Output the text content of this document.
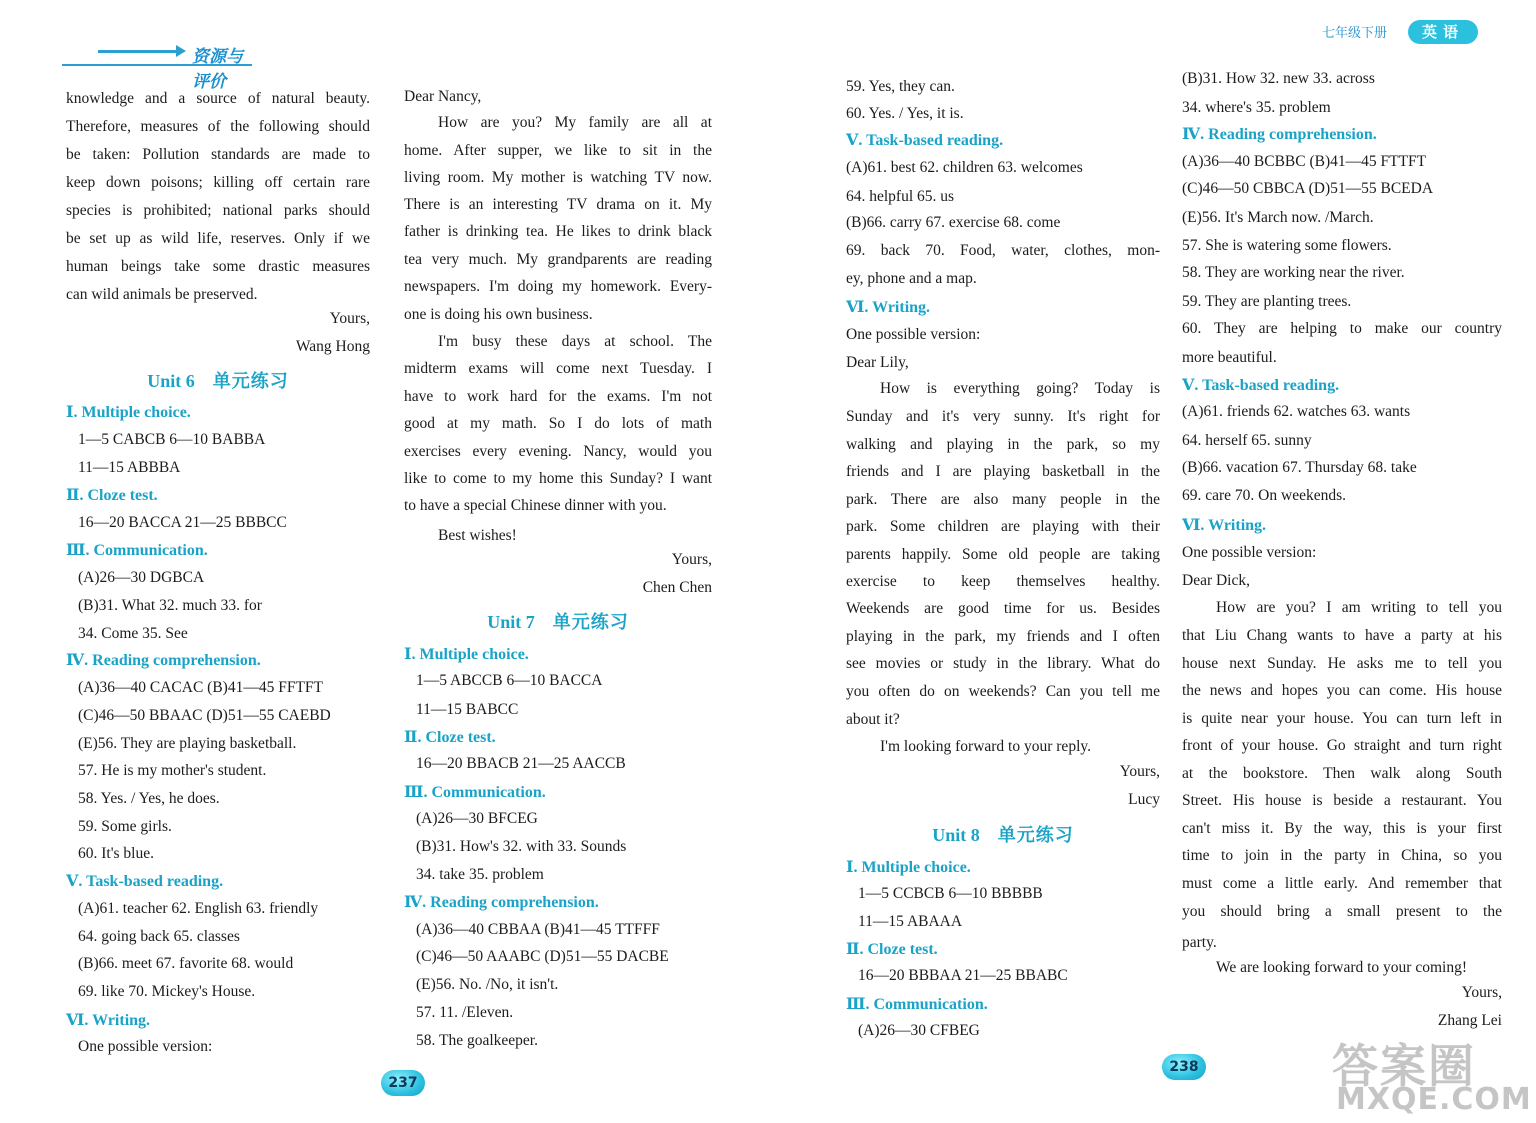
资源与评价
七年级下册	英语
knowledge and a source of natural beauty.
Therefore, measures of the following should
be taken: Pollution standards are made to
keep down poisons; killing off certain rare
species is prohibited; national parks should
be set up as wild life, reserves. Only if we
human beings take some drastic measures
can wild animals be preserved.
Yours,
Wang Hong
Unit 6 单元练习
Ⅰ. Multiple choice.
1—5 CABCB 6—10 BABBA
11—15 ABBBA
Ⅱ. Cloze test.
16—20 BACCA 21—25 BBBCC
Ⅲ. Communication.
(A)26—30 DGBCA
(B)31. What 32. much 33. for
34. Come 35. See
Ⅳ. Reading comprehension.
(A)36—40 CACAC (B)41—45 FFTFT
(C)46—50 BBAAC (D)51—55 CAEBD
(E)56. They are playing basketball.
57. He is my mother's student.
58. Yes. / Yes, he does.
59. Some girls.
60. It's blue.
Ⅴ. Task-based reading.
(A)61. teacher 62. English 63. friendly
64. going back 65. classes
(B)66. meet 67. favorite 68. would
69. like 70. Mickey's House.
Ⅵ. Writing.
One possible version:
Dear Nancy,
How are you? My family are all at
home. After supper, we like to sit in the
living room. My mother is watching TV now.
There is an interesting TV drama on it. My
father is drinking tea. He likes to drink black
tea very much. My grandparents are reading
newspapers. I'm doing my homework. Every-
one is doing his own business.
I'm busy these days at school. The
midterm exams will come next Tuesday. I
have to work hard for the exams. I'm not
good at my math. So I do lots of math
exercises every evening. Nancy, would you
like to come to my home this Sunday? I want
to have a special Chinese dinner with you.
Best wishes!
Yours,
Chen Chen
Unit 7 单元练习
Ⅰ. Multiple choice.
1—5 ABCCB 6—10 BACCA
11—15 BABCC
Ⅱ. Cloze test.
16—20 BBACB 21—25 AACCB
Ⅲ. Communication.
(A)26—30 BFCEG
(B)31. How's 32. with 33. Sounds
34. take 35. problem
Ⅳ. Reading comprehension.
(A)36—40 CBBAA (B)41—45 TTFFF
(C)46—50 AAABC (D)51—55 DACBE
(E)56. No. /No, it isn't.
57. 11. /Eleven.
58. The goalkeeper.
59. Yes, they can.
60. Yes. / Yes, it is.
Ⅴ. Task-based reading.
(A)61. best 62. children 63. welcomes
64. helpful 65. us
(B)66. carry 67. exercise 68. come
69. back 70. Food, water, clothes, mon-
ey, phone and a map.
Ⅵ. Writing.
One possible version:
Dear Lily,
How is everything going? Today is
Sunday and it's very sunny. It's right for
walking and playing in the park, so my
friends and I are playing basketball in the
park. There are also many people in the
park. Some children are playing with their
parents happily. Some old people are taking
exercise to keep themselves healthy.
Weekends are good time for us. Besides
playing in the park, my friends and I often
see movies or study in the library. What do
you often do on weekends? Can you tell me
about it?
I'm looking forward to your reply.
Yours,
Lucy
Unit 8 单元练习
Ⅰ. Multiple choice.
1—5 CCBCB 6—10 BBBBB
11—15 ABAAA
Ⅱ. Cloze test.
16—20 BBBAA 21—25 BBABC
Ⅲ. Communication.
(A)26—30 CFBEG
(B)31. How 32. new 33. across
34. where's 35. problem
Ⅳ. Reading comprehension.
(A)36—40 BCBBC (B)41—45 FTTFT
(C)46—50 CBBCA (D)51—55 BCEDA
(E)56. It's March now. /March.
57. She is watering some flowers.
58. They are working near the river.
59. They are planting trees.
60. They are helping to make our country
more beautiful.
Ⅴ. Task-based reading.
(A)61. friends 62. watches 63. wants
64. herself 65. sunny
(B)66. vacation 67. Thursday 68. take
69. care 70. On weekends.
Ⅵ. Writing.
One possible version:
Dear Dick,
How are you? I am writing to tell you
that Liu Chang wants to have a party at his
house next Sunday. He asks me to tell you
the news and hopes you can come. His house
is quite near your house. You can turn left in
front of your house. Go straight and turn right
at the bookstore. Then walk along South
Street. His house is beside a restaurant. You
can't miss it. By the way, this is your first
time to join in the party in China, so you
must come a little early. And remember that
you should bring a small present to the
party.
We are looking forward to your coming!
Yours,
Zhang Lei
237
238	答案圈
MXQE.COM
